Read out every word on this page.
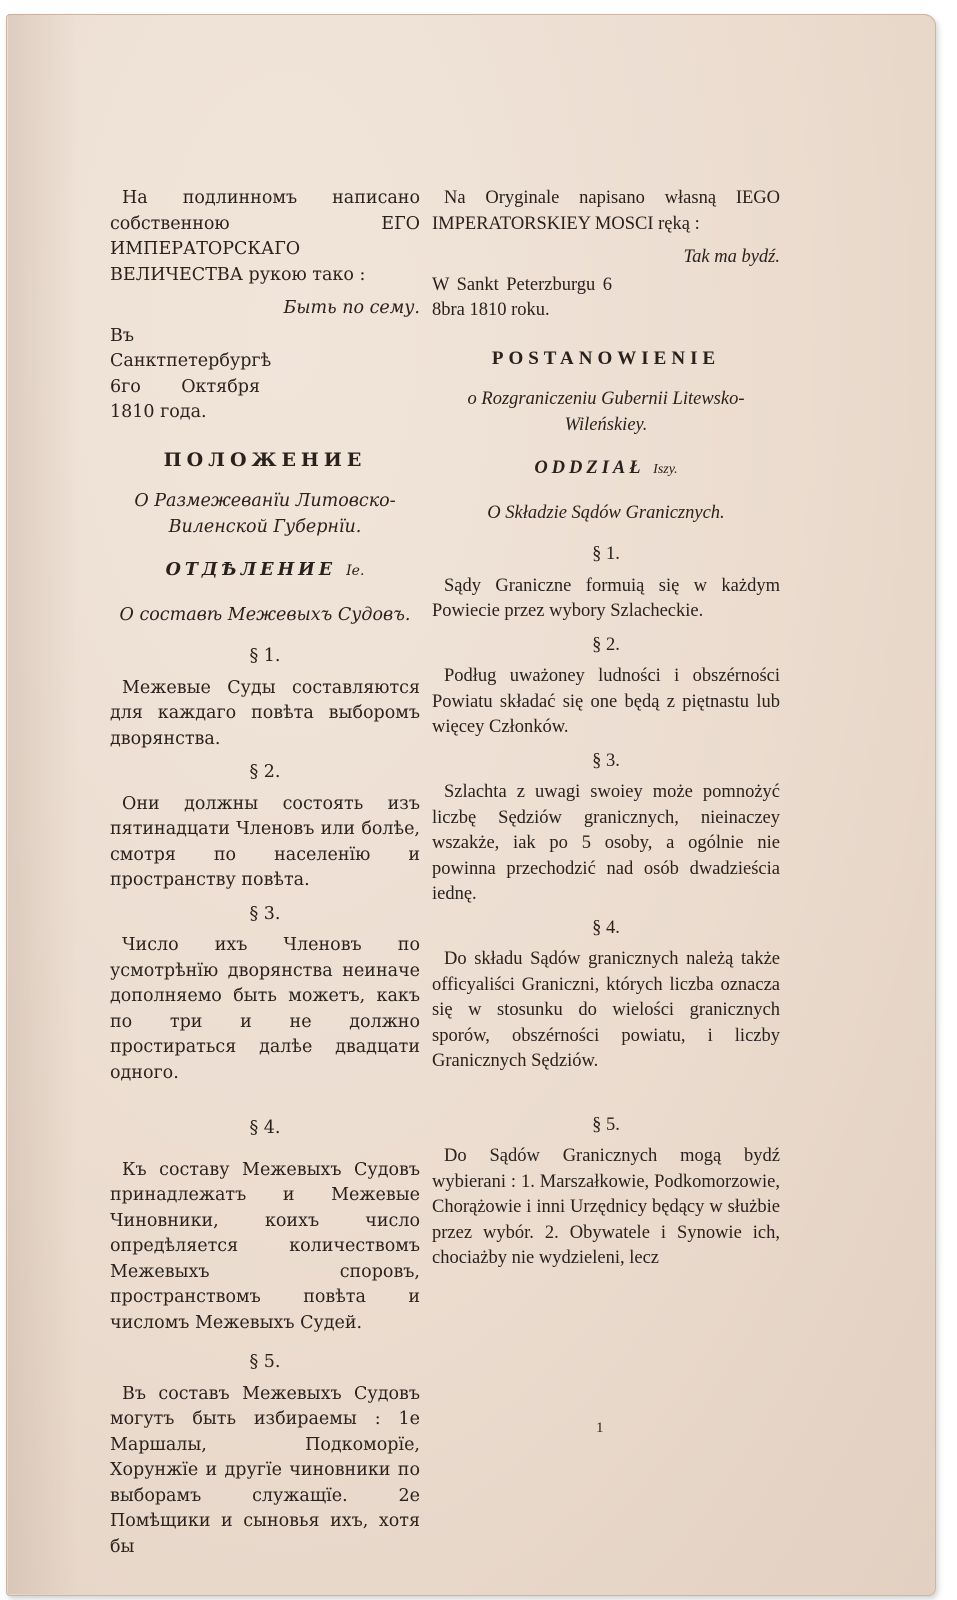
На подлинномъ написано собственною ЕГО ИМПЕРАТОРСКАГО ВЕЛИЧЕСТВА рукою тако :

Быть по сему.

Въ Санктпетербургѣ 6го Октября 1810 года.

ПОЛОЖЕНИЕ
О Размежеванїи Литовско-Виленской Губернїи.
ОТДѢЛЕНИЕ Iе.
О составѣ Межевыхъ Судовъ.
§ 1.

Межевые Суды составляются для каждаго повѣта выборомъ дворянства.

§ 2.

Они должны состоять изъ пятинадцати Членовъ или болѣе, смотря по населенїю и пространству повѣта.

§ 3.

Число ихъ Членовъ по усмотрѣнїю дворянства неиначе дополняемо быть можетъ, какъ по три и не должно простираться далѣе двадцати одного.

§ 4.

Къ составу Межевыхъ Судовъ принадлежатъ и Межевые Чиновники, коихъ число опредѣляется количествомъ Межевыхъ споровъ, пространствомъ повѣта и числомъ Межевыхъ Судей.

§ 5.

Въ составъ Межевыхъ Судовъ могутъ быть избираемы : 1е Маршалы, Подкоморїе, Хорунжїе и другїе чиновники по выборамъ служащїе. 2е Помѣщики и сыновья ихъ, хотя бы

Na Oryginale napisano własną IEGO IMPERATORSKIEY MOSCI ręką :

Tak ma bydź.

W Sankt Peterzburgu 6 8bra 1810 roku.

POSTANOWIENIE
o Rozgraniczeniu Gubernii Litewsko-Wileńskiey.
ODDZIAŁ Iszy.
O Składzie Sądów Granicznych.
§ 1.

Sądy Graniczne formuią się w każdym Powiecie przez wybory Szlacheckie.

§ 2.

Podług uważoney ludności i obszérności Powiatu składać się one będą z piętnastu lub więcey Członków.

§ 3.

Szlachta z uwagi swoiey może pomnożyć liczbę Sędziów granicznych, nieinaczey wszakże, iak po 5 osoby, a ogólnie nie powinna przechodzić nad osób dwadzieścia iednę.

§ 4.

Do składu Sądów granicznych należą także officyaliści Graniczni, których liczba oznacza się w stosunku do wielości granicznych sporów, obszérności powiatu, i liczby Granicznych Sędziów.

§ 5.

Do Sądów Granicznych mogą bydź wybierani : 1. Marszałkowie, Podkomorzowie, Chorążowie i inni Urzędnicy będący w służbie przez wybór. 2. Obywatele i Synowie ich, chociażby nie wydzieleni, lecz

1
